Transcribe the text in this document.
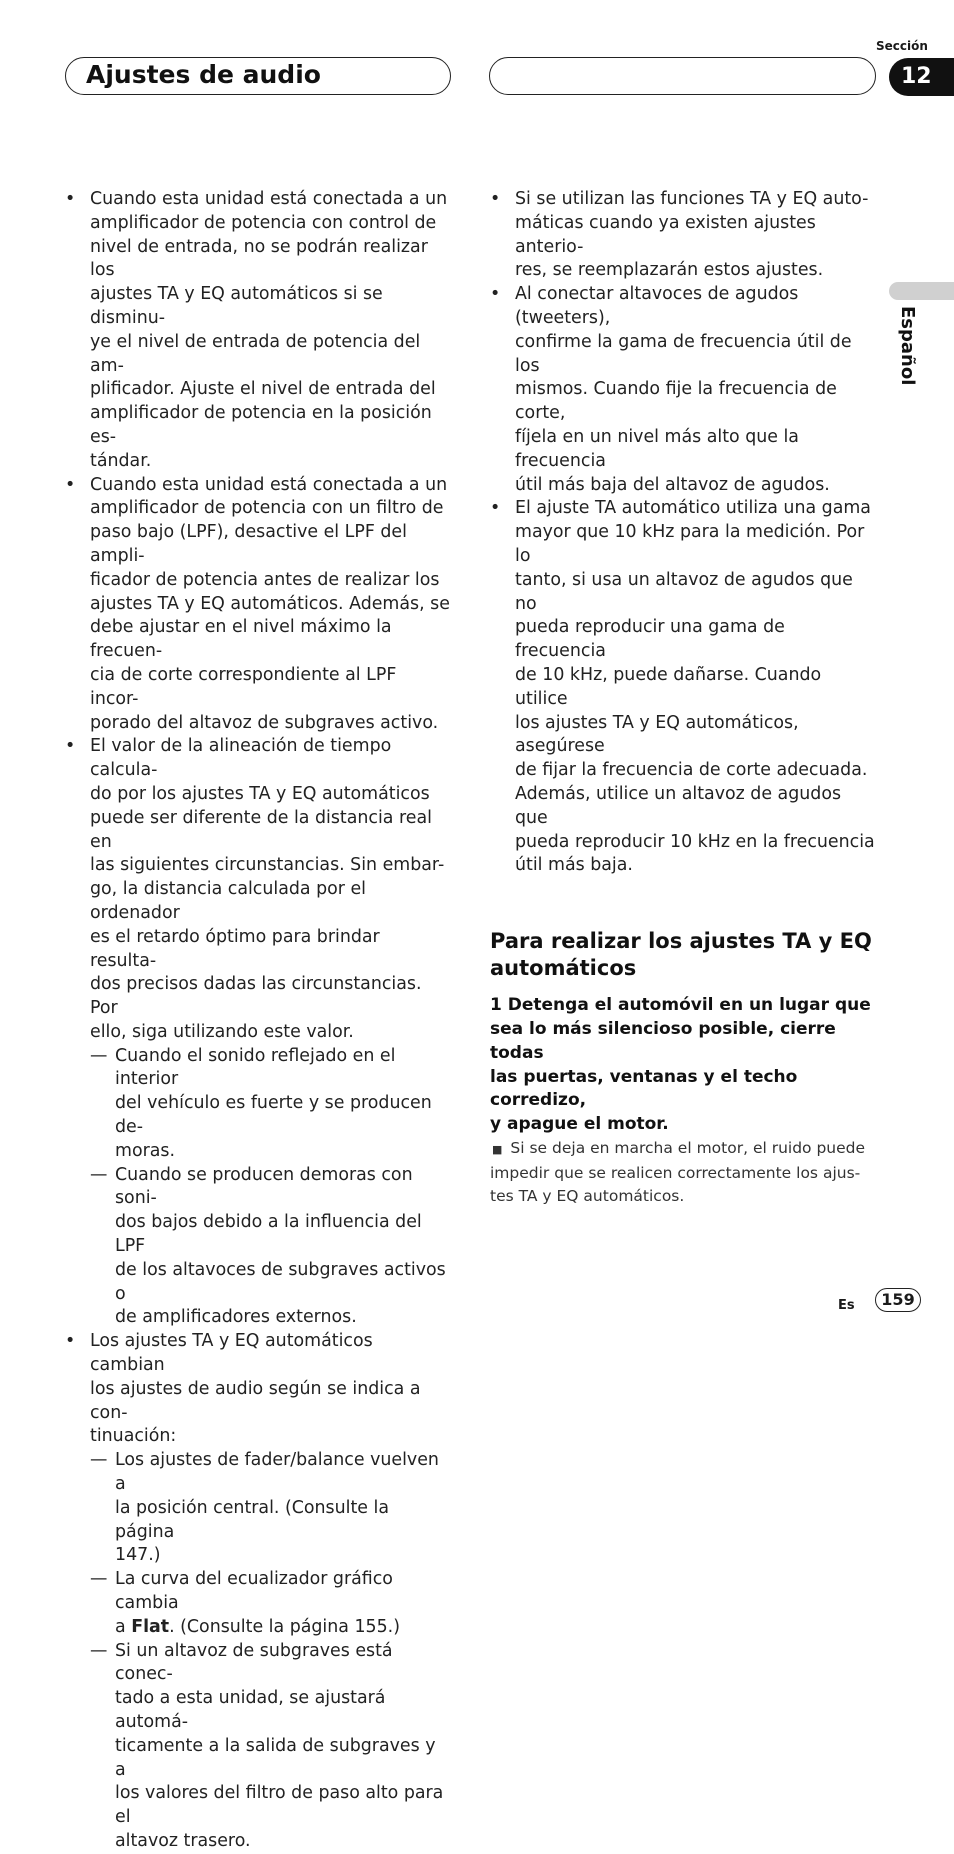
Ajustes de audio
Sección
12
Español
• Cuando esta unidad está conectada a un
amplificador de potencia con control de
nivel de entrada, no se podrán realizar los
ajustes TA y EQ automáticos si se disminu-
ye el nivel de entrada de potencia del am-
plificador. Ajuste el nivel de entrada del
amplificador de potencia en la posición es-
tándar.
• Cuando esta unidad está conectada a un
amplificador de potencia con un filtro de
paso bajo (LPF), desactive el LPF del ampli-
ficador de potencia antes de realizar los
ajustes TA y EQ automáticos. Además, se
debe ajustar en el nivel máximo la frecuen-
cia de corte correspondiente al LPF incor-
porado del altavoz de subgraves activo.
• El valor de la alineación de tiempo calcula-
do por los ajustes TA y EQ automáticos
puede ser diferente de la distancia real en
las siguientes circunstancias. Sin embar-
go, la distancia calculada por el ordenador
es el retardo óptimo para brindar resulta-
dos precisos dadas las circunstancias. Por
ello, siga utilizando este valor.
— Cuando el sonido reflejado en el interior
del vehículo es fuerte y se producen de-
moras.
— Cuando se producen demoras con soni-
dos bajos debido a la influencia del LPF
de los altavoces de subgraves activos o
de amplificadores externos.
• Los ajustes TA y EQ automáticos cambian
los ajustes de audio según se indica a con-
tinuación:
— Los ajustes de fader/balance vuelven a
la posición central. (Consulte la página
147.)
— La curva del ecualizador gráfico cambia
a Flat. (Consulte la página 155.)
— Si un altavoz de subgraves está conec-
tado a esta unidad, se ajustará automá-
ticamente a la salida de subgraves y a
los valores del filtro de paso alto para el
altavoz trasero.
• Si se utilizan las funciones TA y EQ auto-
máticas cuando ya existen ajustes anterio-
res, se reemplazarán estos ajustes.
• Al conectar altavoces de agudos (tweeters),
confirme la gama de frecuencia útil de los
mismos. Cuando fije la frecuencia de corte,
fíjela en un nivel más alto que la frecuencia
útil más baja del altavoz de agudos.
• El ajuste TA automático utiliza una gama
mayor que 10 kHz para la medición. Por lo
tanto, si usa un altavoz de agudos que no
pueda reproducir una gama de frecuencia
de 10 kHz, puede dañarse. Cuando utilice
los ajustes TA y EQ automáticos, asegúrese
de fijar la frecuencia de corte adecuada.
Además, utilice un altavoz de agudos que
pueda reproducir 10 kHz en la frecuencia
útil más baja.
Para realizar los ajustes TA y EQ
automáticos
1 Detenga el automóvil en un lugar que
sea lo más silencioso posible, cierre todas
las puertas, ventanas y el techo corredizo,
y apague el motor.
■ Si se deja en marcha el motor, el ruido puede
impedir que se realicen correctamente los ajus-
tes TA y EQ automáticos.
Es	159
